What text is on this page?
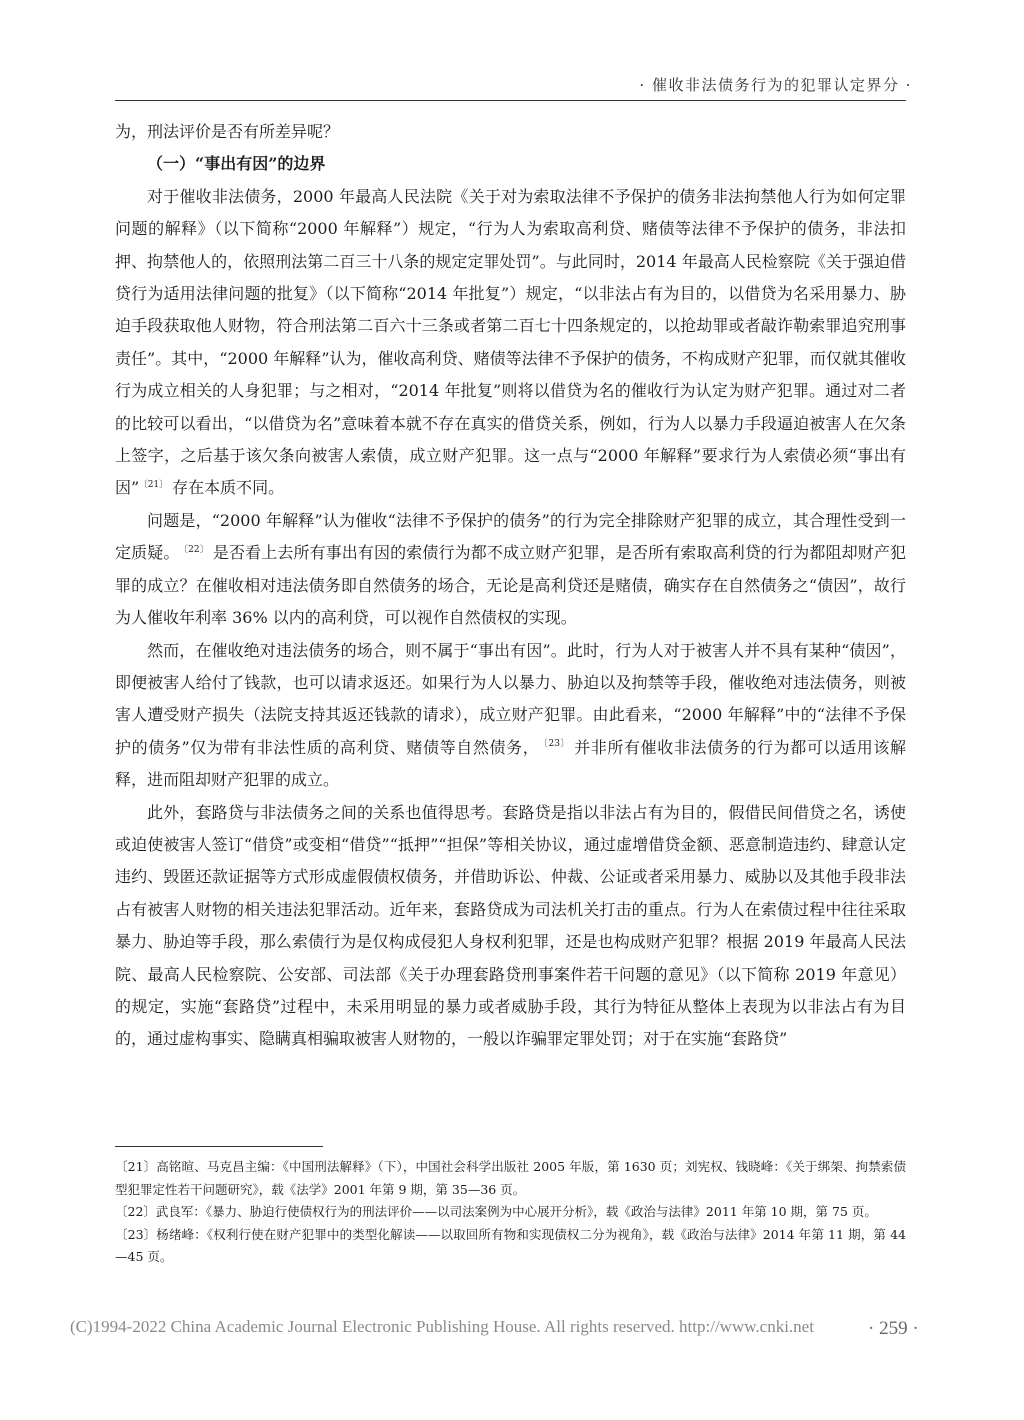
· 催收非法债务行为的犯罪认定界分 ·

为，刑法评价是否有所差异呢？

（一）“事出有因”的边界

对于催收非法债务，2000 年最高人民法院《关于对为索取法律不予保护的债务非法拘禁他人行为如何定罪问题的解释》（以下简称“2000 年解释”）规定，“行为人为索取高利贷、赌债等法律不予保护的债务，非法扣押、拘禁他人的，依照刑法第二百三十八条的规定定罪处罚”。与此同时，2014 年最高人民检察院《关于强迫借贷行为适用法律问题的批复》（以下简称“2014 年批复”）规定，“以非法占有为目的，以借贷为名采用暴力、胁迫手段获取他人财物，符合刑法第二百六十三条或者第二百七十四条规定的，以抢劫罪或者敲诈勒索罪追究刑事责任”。其中，“2000 年解释”认为，催收高利贷、赌债等法律不予保护的债务，不构成财产犯罪，而仅就其催收行为成立相关的人身犯罪；与之相对，“2014 年批复”则将以借贷为名的催收行为认定为财产犯罪。通过对二者的比较可以看出，“以借贷为名”意味着本就不存在真实的借贷关系，例如，行为人以暴力手段逼迫被害人在欠条上签字，之后基于该欠条向被害人索债，成立财产犯罪。这一点与“2000 年解释”要求行为人索债必须“事出有因” $^{〔21〕}$ 存在本质不同。

问题是，“2000 年解释”认为催收“法律不予保护的债务”的行为完全排除财产犯罪的成立，其合理性受到一定质疑。 $^{〔22〕}$ 是否看上去所有事出有因的索债行为都不成立财产犯罪，是否所有索取高利贷的行为都阻却财产犯罪的成立？在催收相对违法债务即自然债务的场合，无论是高利贷还是赌债，确实存在自然债务之“债因”，故行为人催收年利率 36% 以内的高利贷，可以视作自然债权的实现。

然而，在催收绝对违法债务的场合，则不属于“事出有因”。此时，行为人对于被害人并不具有某种“债因”，即便被害人给付了钱款，也可以请求返还。如果行为人以暴力、胁迫以及拘禁等手段，催收绝对违法债务，则被害人遭受财产损失（法院支持其返还钱款的请求），成立财产犯罪。由此看来，“2000 年解释”中的“法律不予保护的债务”仅为带有非法性质的高利贷、赌债等自然债务， $^{〔23〕}$ 并非所有催收非法债务的行为都可以适用该解释，进而阻却财产犯罪的成立。

此外，套路贷与非法债务之间的关系也值得思考。套路贷是指以非法占有为目的，假借民间借贷之名，诱使或迫使被害人签订“借贷”或变相“借贷”“抵押”“担保”等相关协议，通过虚增借贷金额、恶意制造违约、肆意认定违约、毁匿还款证据等方式形成虚假债权债务，并借助诉讼、仲裁、公证或者采用暴力、威胁以及其他手段非法占有被害人财物的相关违法犯罪活动。近年来，套路贷成为司法机关打击的重点。行为人在索债过程中往往采取暴力、胁迫等手段，那么索债行为是仅构成侵犯人身权利犯罪，还是也构成财产犯罪？根据 2019 年最高人民法院、最高人民检察院、公安部、司法部《关于办理套路贷刑事案件若干问题的意见》（以下简称 2019 年意见）的规定，实施“套路贷”过程中，未采用明显的暴力或者威胁手段，其行为特征从整体上表现为以非法占有为目的，通过虚构事实、隐瞒真相骗取被害人财物的，一般以诈骗罪定罪处罚；对于在实施“套路贷”

〔21〕高铭暄、马克昌主编：《中国刑法解释》（下），中国社会科学出版社 2005 年版，第 1630 页；刘宪权、钱晓峰：《关于绑架、拘禁索债型犯罪定性若干问题研究》，载《法学》2001 年第 9 期，第 35—36 页。

〔22〕武良军：《暴力、胁迫行使债权行为的刑法评价——以司法案例为中心展开分析》，载《政治与法律》2011 年第 10 期，第 75 页。

〔23〕杨绪峰：《权利行使在财产犯罪中的类型化解读——以取回所有物和实现债权二分为视角》，载《政治与法律》2014 年第 11 期，第 44—45 页。

(C)1994-2022 China Academic Journal Electronic Publishing House. All rights reserved. http://www.cnki.net	· 259 ·
